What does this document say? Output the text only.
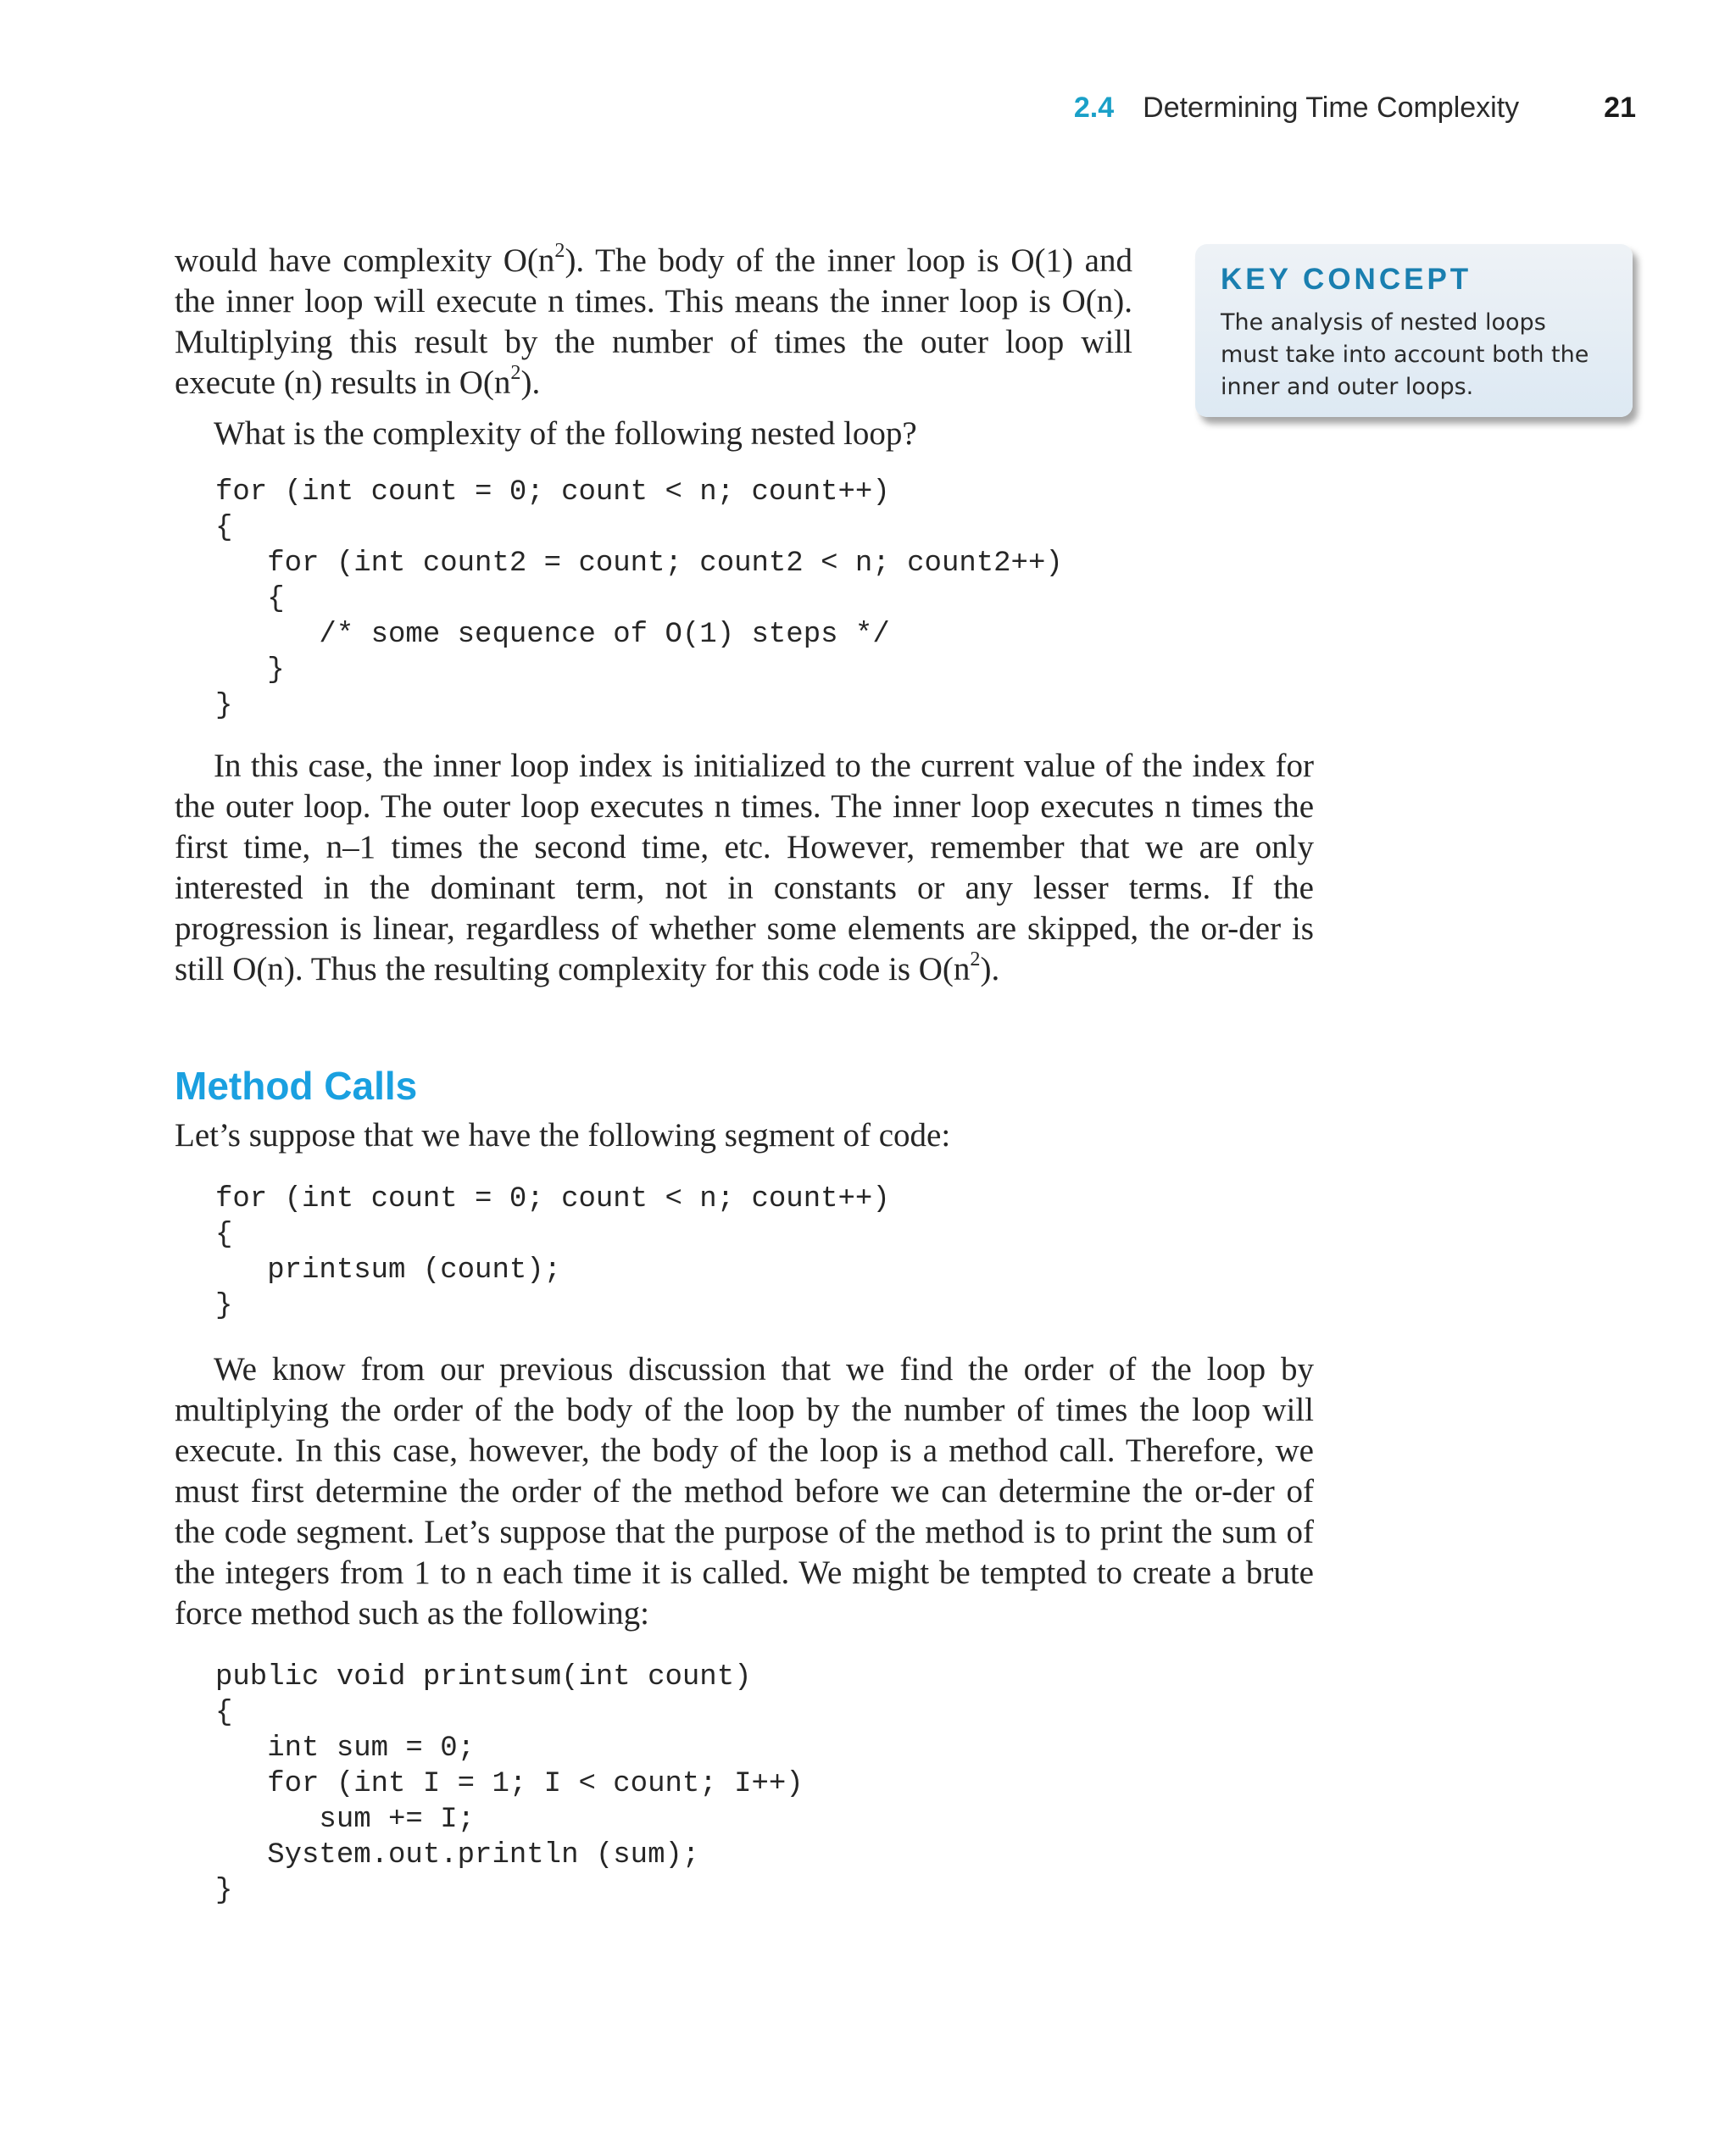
2.4 Determining Time Complexity	21
KEY CONCEPT
The analysis of nested loops must take into account both the inner and outer loops.

would have complexity $O(n^2)$. The body of the inner loop is O(1) and the inner loop will execute n times. This means the inner loop is O(n). Multiplying this result by the number of times the outer loop will execute (n) results in $O(n^2)$.

What is the complexity of the following nested loop?

for (int count = 0; count < n; count++)
{
for (int count2 = count; count2 < n; count2++)
{
/* some sequence of O(1) steps */
}
}

In this case, the inner loop index is initialized to the current value of the index for the outer loop. The outer loop executes n times. The inner loop executes n times the first time, n–1 times the second time, etc. However, remember that we are only interested in the dominant term, not in constants or any lesser terms. If the progression is linear, regardless of whether some elements are skipped, the or-der is still O(n). Thus the resulting complexity for this code is $O(n^2)$.

Method Calls

Let’s suppose that we have the following segment of code:

for (int count = 0; count < n; count++)
{
printsum (count);
}

We know from our previous discussion that we find the order of the loop by multiplying the order of the body of the loop by the number of times the loop will execute. In this case, however, the body of the loop is a method call. Therefore, we must first determine the order of the method before we can determine the or-der of the code segment. Let’s suppose that the purpose of the method is to print the sum of the integers from 1 to n each time it is called. We might be tempted to create a brute force method such as the following:

public void printsum(int count)
{
int sum = 0;
for (int I = 1; I < count; I++)
sum += I;
System.out.println (sum);
}
